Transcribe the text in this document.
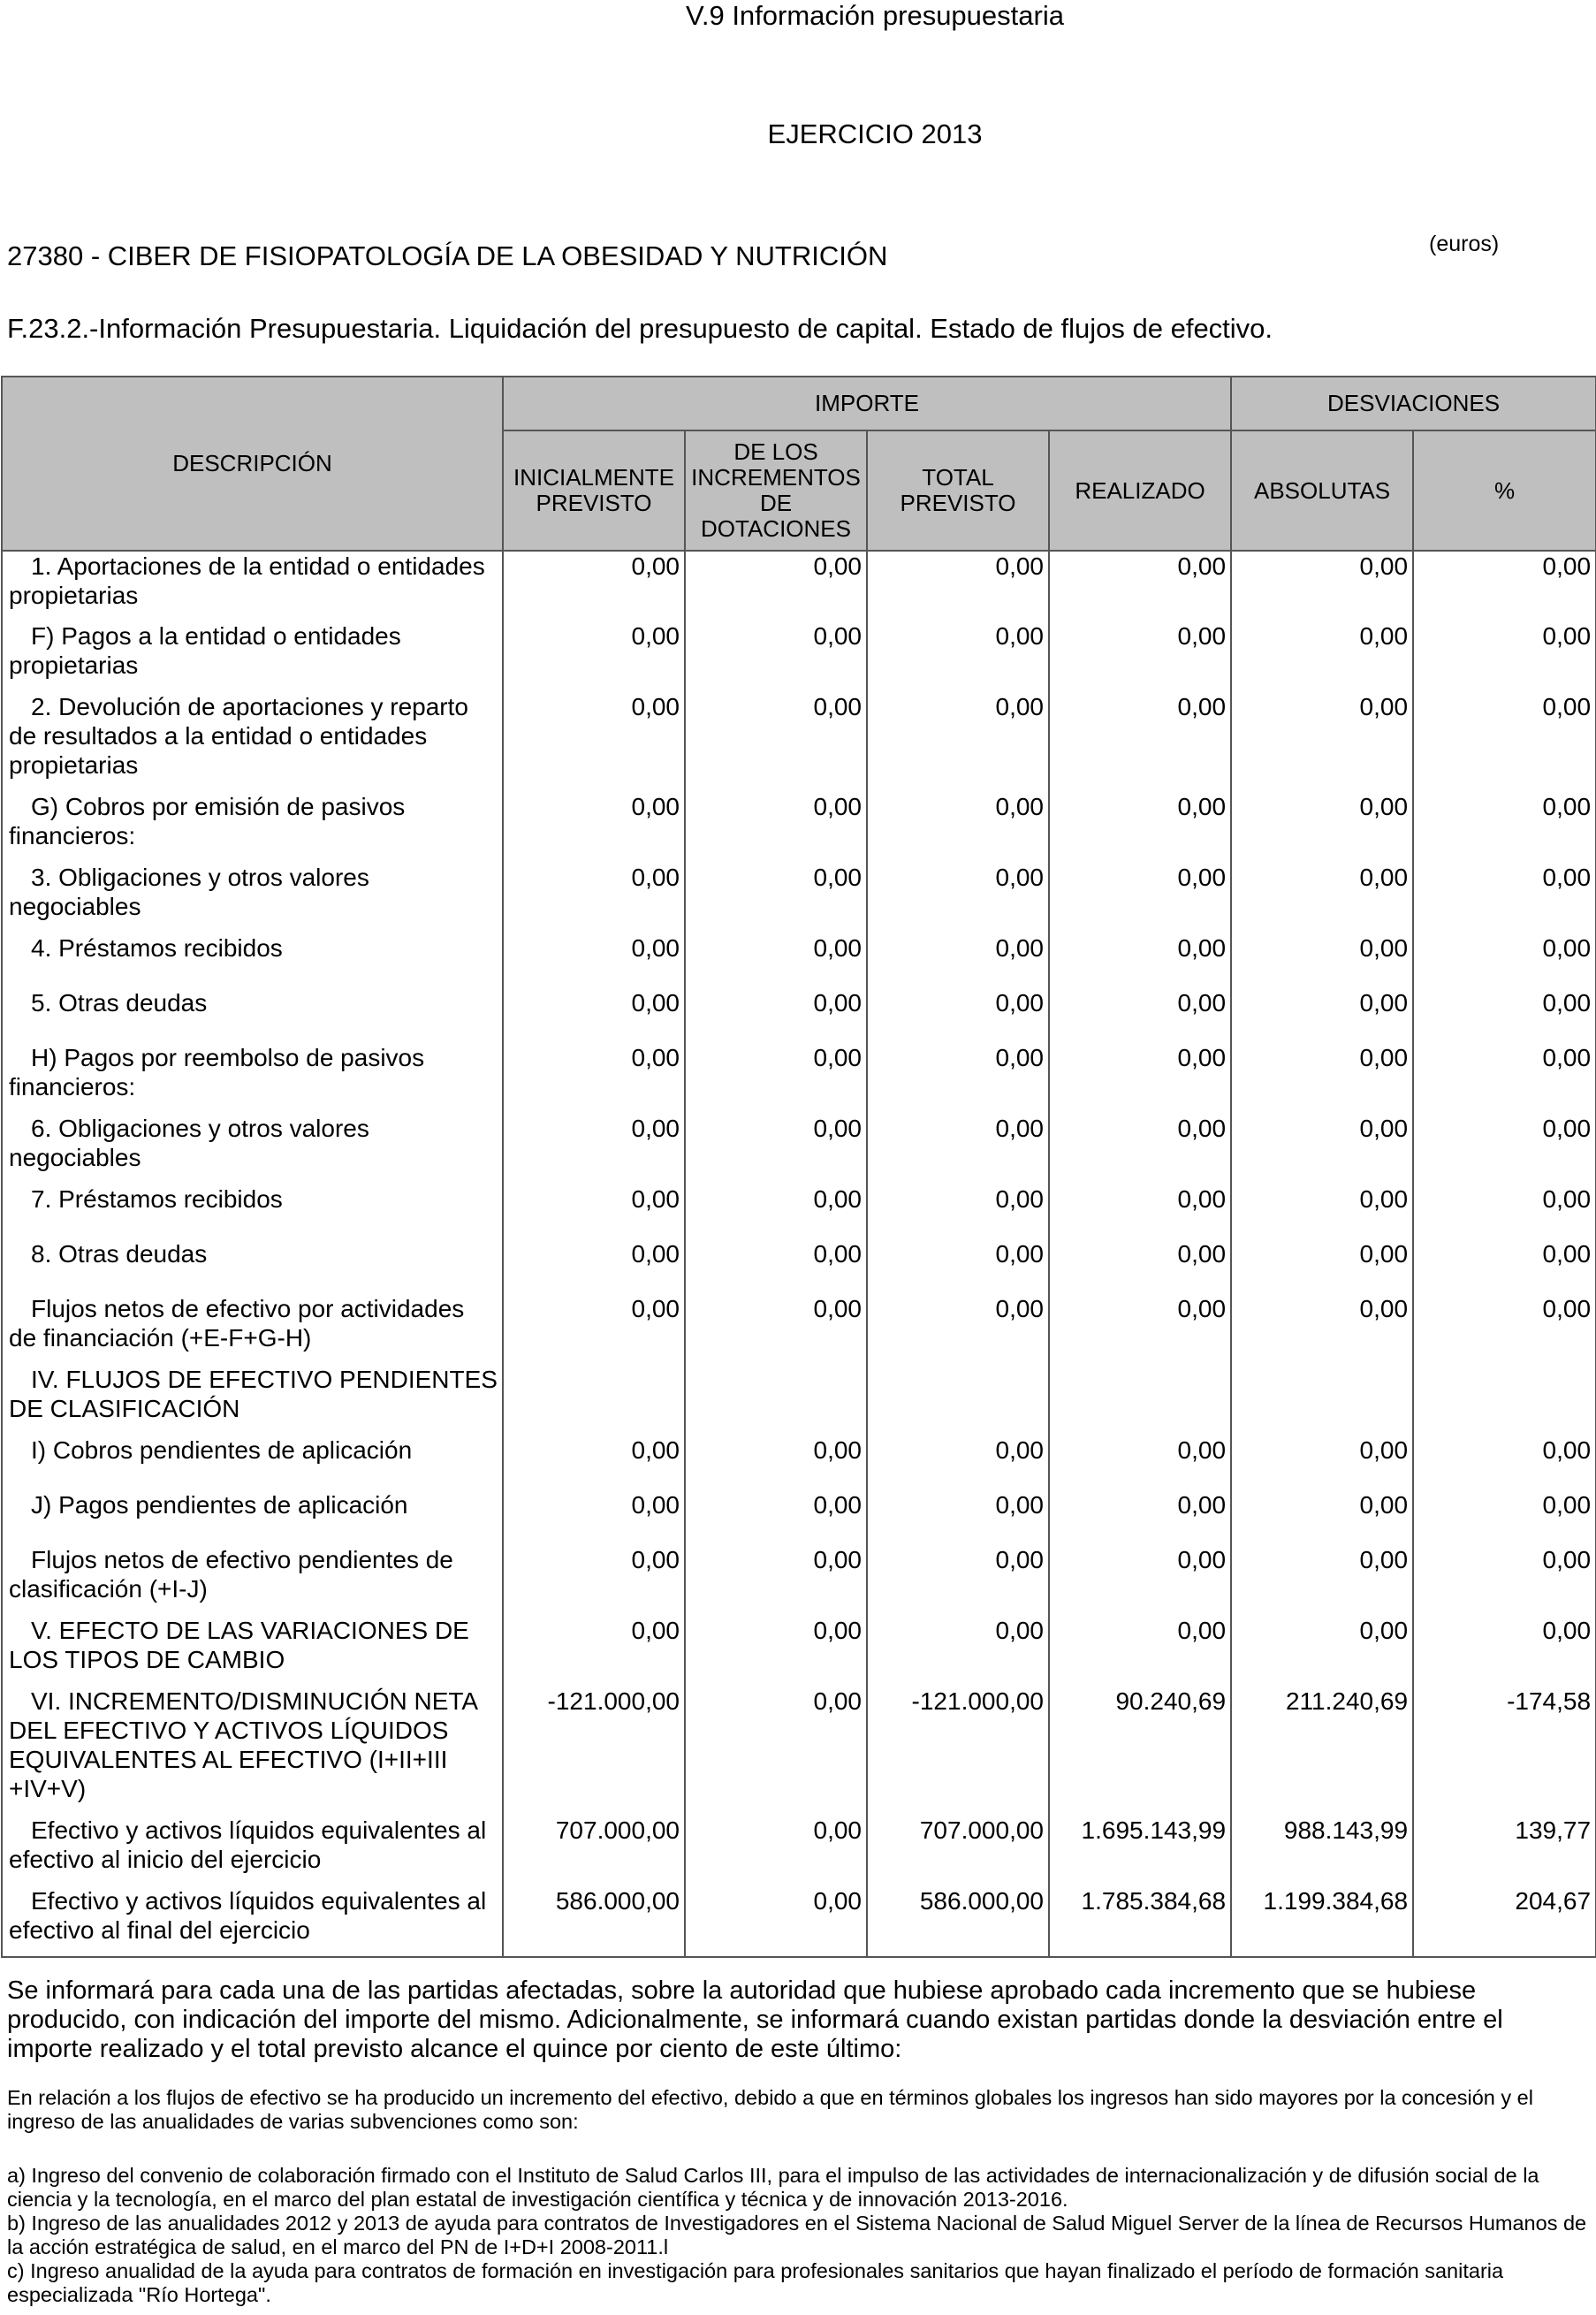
V.9 Información presupuestaria
EJERCICIO 2013
27380 - CIBER DE FISIOPATOLOGÍA DE LA OBESIDAD Y NUTRICIÓN	(euros)
F.23.2.-Información Presupuestaria. Liquidación del presupuesto de capital. Estado de flujos de efectivo.
DESCRIPCIÓN	IMPORTE				DESVIACIONES	
	INICIALMENTE PREVISTO	DE LOS INCREMENTOS DE DOTACIONES	TOTAL PREVISTO	REALIZADO	ABSOLUTAS	%

1. Aportaciones de la entidad o entidades propietarias	0,00	0,00	0,00	0,00	0,00	0,00

F) Pagos a la entidad o entidades propietarias	0,00	0,00	0,00	0,00	0,00	0,00

2. Devolución de aportaciones y reparto de resultados a la entidad o entidades propietarias	0,00	0,00	0,00	0,00	0,00	0,00

G) Cobros por emisión de pasivos financieros:	0,00	0,00	0,00	0,00	0,00	0,00

3. Obligaciones y otros valores negociables	0,00	0,00	0,00	0,00	0,00	0,00

4. Préstamos recibidos	0,00	0,00	0,00	0,00	0,00	0,00

5. Otras deudas	0,00	0,00	0,00	0,00	0,00	0,00

H) Pagos por reembolso de pasivos financieros:	0,00	0,00	0,00	0,00	0,00	0,00

6. Obligaciones y otros valores negociables	0,00	0,00	0,00	0,00	0,00	0,00

7. Préstamos recibidos	0,00	0,00	0,00	0,00	0,00	0,00

8. Otras deudas	0,00	0,00	0,00	0,00	0,00	0,00

Flujos netos de efectivo por actividades de financiación (+E-F+G-H)	0,00	0,00	0,00	0,00	0,00	0,00

IV. FLUJOS DE EFECTIVO PENDIENTES DE CLASIFICACIÓN						

I) Cobros pendientes de aplicación	0,00	0,00	0,00	0,00	0,00	0,00

J) Pagos pendientes de aplicación	0,00	0,00	0,00	0,00	0,00	0,00

Flujos netos de efectivo pendientes de clasificación (+I-J)	0,00	0,00	0,00	0,00	0,00	0,00

V. EFECTO DE LAS VARIACIONES DE LOS TIPOS DE CAMBIO	0,00	0,00	0,00	0,00	0,00	0,00

VI. INCREMENTO/DISMINUCIÓN NETA DEL EFECTIVO Y ACTIVOS LÍQUIDOS EQUIVALENTES AL EFECTIVO (I+II+III +IV+V)	-121.000,00	0,00	-121.000,00	90.240,69	211.240,69	-174,58

Efectivo y activos líquidos equivalentes al efectivo al inicio del ejercicio	707.000,00	0,00	707.000,00	1.695.143,99	988.143,99	139,77

Efectivo y activos líquidos equivalentes al efectivo al final del ejercicio	586.000,00	0,00	586.000,00	1.785.384,68	1.199.384,68	204,67
Se informará para cada una de las partidas afectadas, sobre la autoridad que hubiese aprobado cada incremento que se hubiese producido, con indicación del importe del mismo. Adicionalmente, se informará cuando existan partidas donde la desviación entre el importe realizado y el total previsto alcance el quince por ciento de este último:
En relación a los flujos de efectivo se ha producido un incremento del efectivo, debido a que en términos globales los ingresos han sido mayores por la concesión y el ingreso de las anualidades de varias subvenciones como son:
a) Ingreso del convenio de colaboración firmado con el Instituto de Salud Carlos III, para el impulso de las actividades de internacionalización y de difusión social de la ciencia y la tecnología, en el marco del plan estatal de investigación científica y técnica y de innovación 2013-2016.
b) Ingreso de las anualidades 2012 y 2013 de ayuda para contratos de Investigadores en el Sistema Nacional de Salud Miguel Server de la línea de Recursos Humanos de la acción estratégica de salud, en el marco del PN de I+D+I 2008-2011.l
c) Ingreso anualidad de la ayuda para contratos de formación en investigación para profesionales sanitarios que hayan finalizado el período de formación sanitaria especializada "Río Hortega".
